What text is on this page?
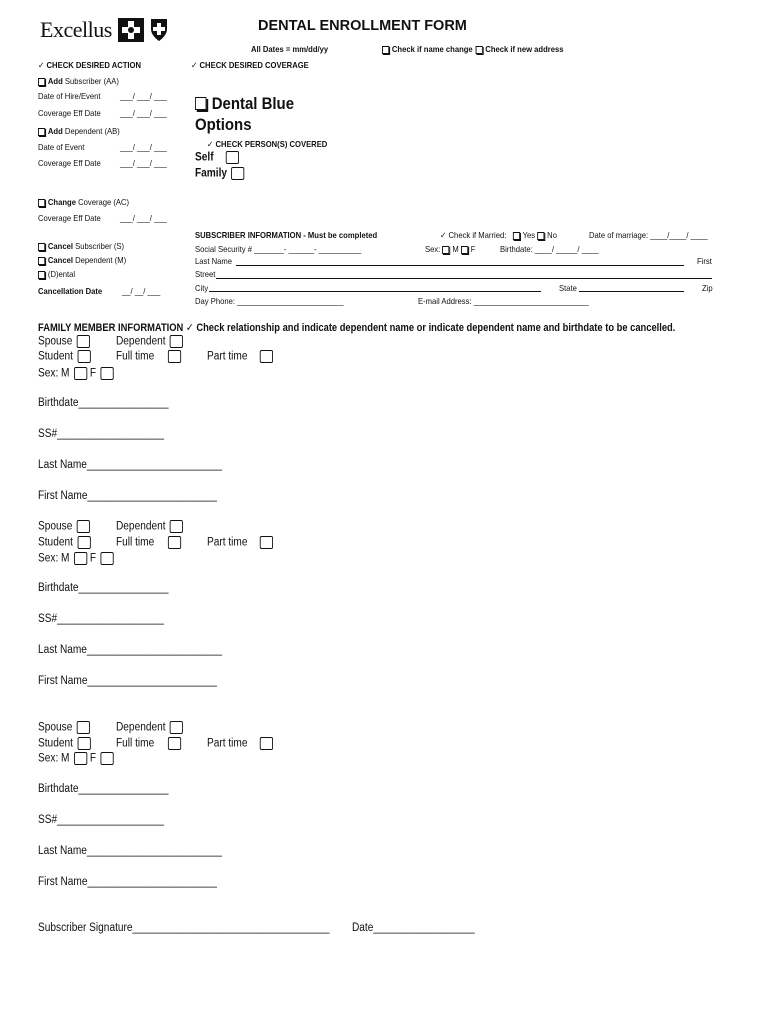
Excellus	DENTAL ENROLLMENT FORM
All Dates = mm/dd/yy	Check if name change Check if new address
✓ CHECK DESIRED ACTION	✓ CHECK DESIRED COVERAGE
Add Subscriber (AA)
Date of Hire/Event ___/ ___/ ___
Coverage Eff Date ___/ ___/ ___
Add Dependent (AB)
Date of Event	___/ ___/ ___
Coverage Eff Date ___/ ___/ ___
Change Coverage (AC)
Coverage Eff Date ___/ ___/ ___
Cancel Subscriber (S)
Cancel Dependent (M)
(D)ental
Cancellation Date __/ __/ ___
Dental Blue
Options
✓ CHECK PERSON(S) COVERED
Self
Family
SUBSCRIBER INFORMATION - Must be completed	✓ Check if Married: Yes No	Date of marriage: ____/____/ ____
Social Security # _______- ______- __________	Sex: M F	Birthdate: ____/ _____/ ____
Last Name	First
Street
City	State	Zip
Day Phone: _________________________	E-mail Address: ___________________________
FAMILY MEMBER INFORMATION ✓ Check relationship and indicate dependent name or indicate dependent name and birthdate to be cancelled.
Spouse	Dependent
Student	Full time	Part time
Sex: M F
Birthdate________________
SS#___________________
Last Name________________________
First Name_______________________
Spouse	Dependent
Student	Full time	Part time
Sex: M F
Birthdate________________
SS#___________________
Last Name________________________
First Name_______________________
Spouse	Dependent
Student	Full time	Part time
Sex: M F
Birthdate________________
SS#___________________
Last Name________________________
First Name_______________________
Subscriber Signature___________________________________ Date__________________
